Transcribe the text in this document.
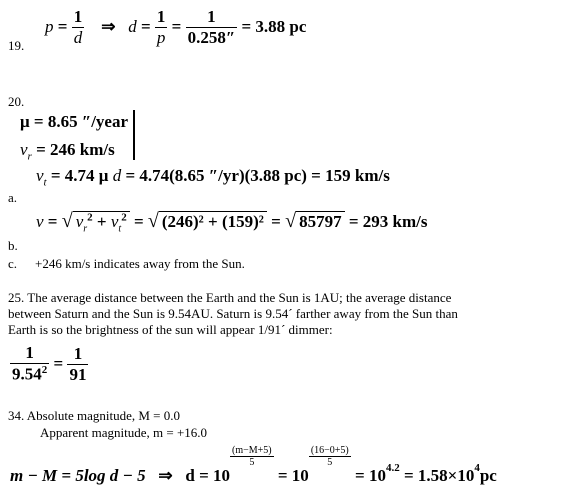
19.
p
=
$\frac{1}{d}$
⇒
$d = \frac{1}{p} = \frac{1}{0.258''}$
= 3.88 pc
20.
μ = 8.65 ″/year
$v_r = 246$ km/s
$v_t = 4.74$ μ d = 4.74(8.65 ″/yr)(3.88 pc) = 159 km/s
a.
v = √ $v_r^2 + v_t^2$ = √ (246)² + (159)² = √ 85797 = 293 km/s
b.
c. +246 km/s indicates away from the Sun.
25. The average distance between the Earth and the Sun is 1AU; the average distance
between Saturn and the Sun is 9.54AU. Saturn is 9.54´ farther away from the Sun than
Earth is so the brightness of the sun will appear 1/91´ dimmer:
$\frac{1}{9.54^2}$
=
$\frac{1}{91}$
34. Absolute magnitude, M = 0.0
Apparent magnitude, m = +16.0
m − M = 5log d − 5
⇒
d = 10
$\frac{(m-M+5)}{5}$

= 10
$\frac{(16-0+5)}{5}$

= $10^{4.2}$
= $1.58\times 10^4$ pc
